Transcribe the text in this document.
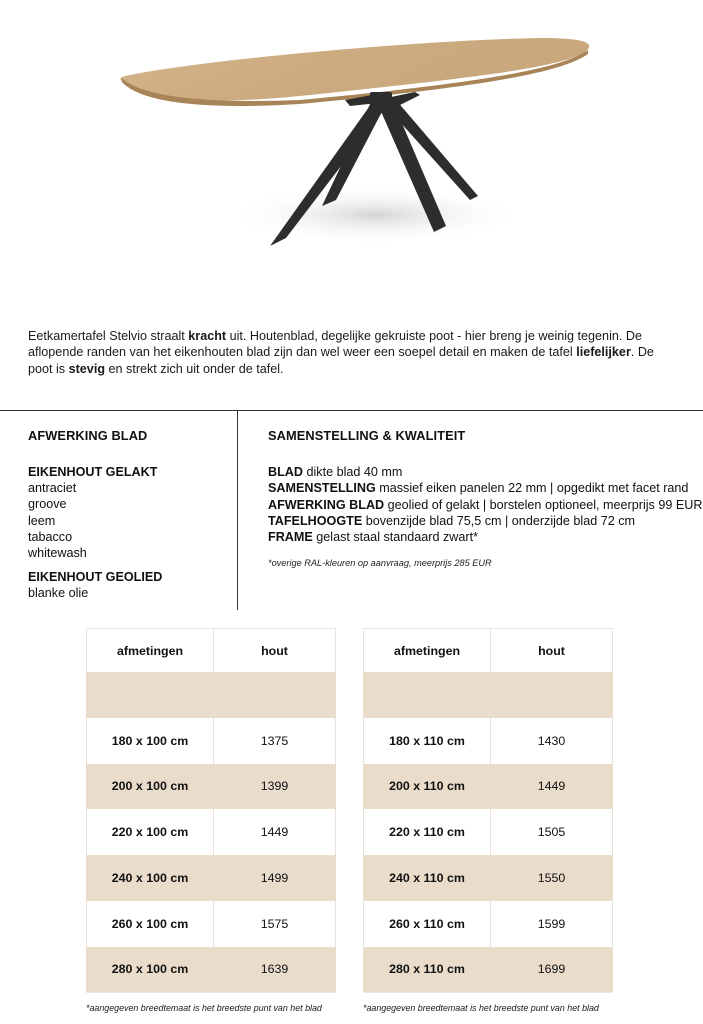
Eetkamertafel Stelvio straalt kracht uit. Houtenblad, degelijke gekruiste poot - hier breng je weinig tegenin. De
aflopende randen van het eikenhouten blad zijn dan wel weer een soepel detail en maken de tafel liefelijker. De
poot is stevig en strekt zich uit onder de tafel.
AFWERKING BLAD
EIKENHOUT GELAKT
antraciet
groove
leem
tabacco
whitewash
EIKENHOUT GEOLIED
blanke olie
SAMENSTELLING & KWALITEIT
BLAD dikte blad 40 mm
SAMENSTELLING massief eiken panelen 22 mm | opgedikt met facet rand
AFWERKING BLAD geolied of gelakt | borstelen optioneel, meerprijs 99 EUR
TAFELHOOGTE bovenzijde blad 75,5 cm | onderzijde blad 72 cm
FRAME gelast staal standaard zwart*
*overige RAL-kleuren op aanvraag, meerprijs 285 EUR
afmetingen	hout
180 x 100 cm	1375
200 x 100 cm	1399
220 x 100 cm	1449
240 x 100 cm	1499
260 x 100 cm	1575
280 x 100 cm	1639
afmetingen	hout
180 x 110 cm	1430
200 x 110 cm	1449
220 x 110 cm	1505
240 x 110 cm	1550
260 x 110 cm	1599
280 x 110 cm	1699
*aangegeven breedtemaat is het breedste punt van het blad	*aangegeven breedtemaat is het breedste punt van het blad
